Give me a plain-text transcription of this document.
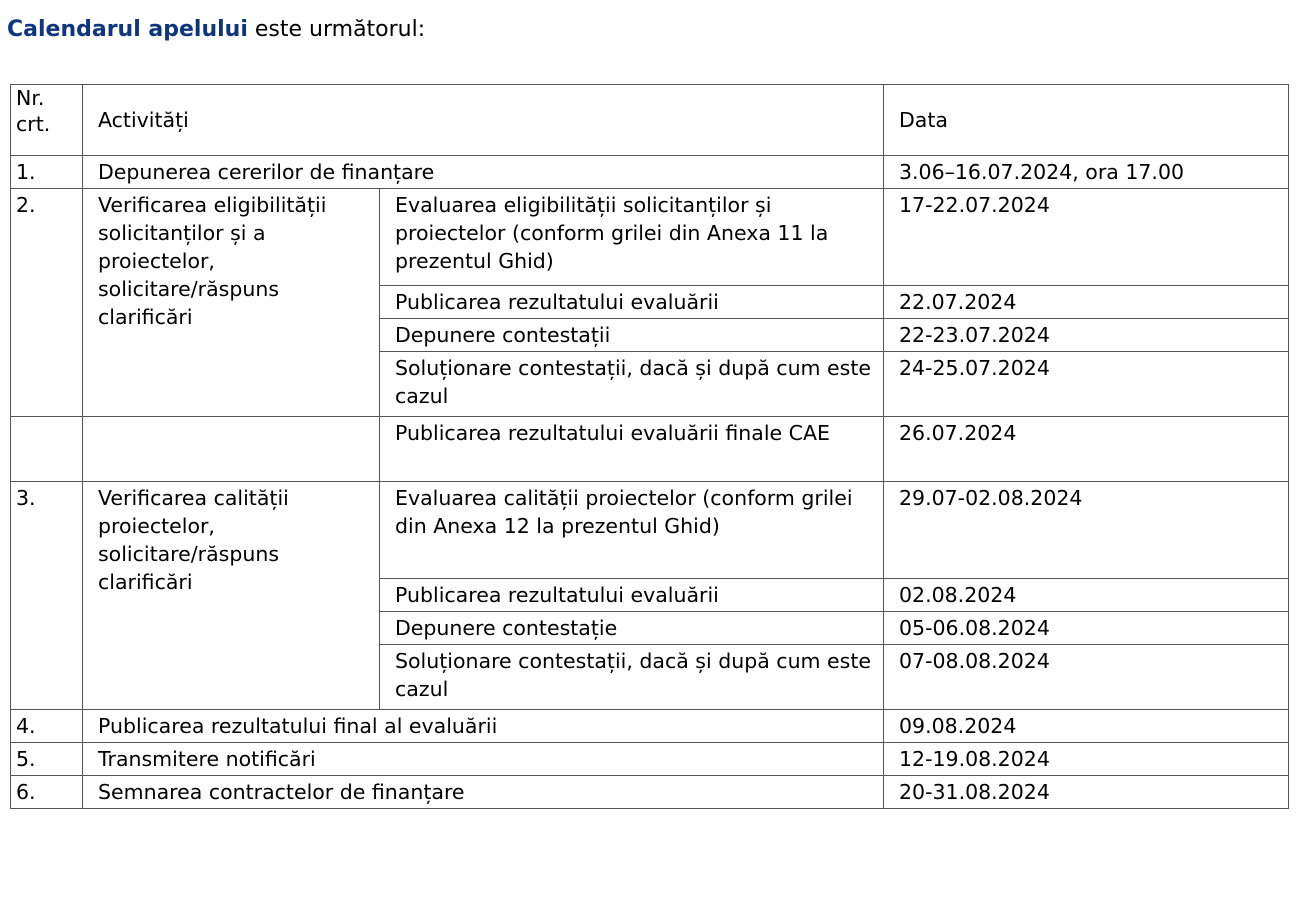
Calendarul apelului este următorul:

Nr. crt.	Activități		Data
1.	Depunerea cererilor de finanțare		3.06–16.07.2024, ora 17.00
2.	Verificarea eligibilității solicitanților și a proiectelor, solicitare/răspuns clarificări	Evaluarea eligibilității solicitanților și proiectelor (conform grilei din Anexa 11 la prezentul Ghid)	17-22.07.2024
		Publicarea rezultatului evaluării	22.07.2024
		Depunere contestații	22-23.07.2024
		Soluționare contestații, dacă și după cum este cazul	24-25.07.2024
		Publicarea rezultatului evaluării finale CAE	26.07.2024
3.	Verificarea calității proiectelor, solicitare/răspuns clarificări	Evaluarea calității proiectelor (conform grilei din Anexa 12 la prezentul Ghid)	29.07-02.08.2024
		Publicarea rezultatului evaluării	02.08.2024
		Depunere contestație	05-06.08.2024
		Soluționare contestații, dacă și după cum este cazul	07-08.08.2024
4.	Publicarea rezultatului final al evaluării		09.08.2024
5.	Transmitere notificări		12-19.08.2024
6.	Semnarea contractelor de finanțare		20-31.08.2024
